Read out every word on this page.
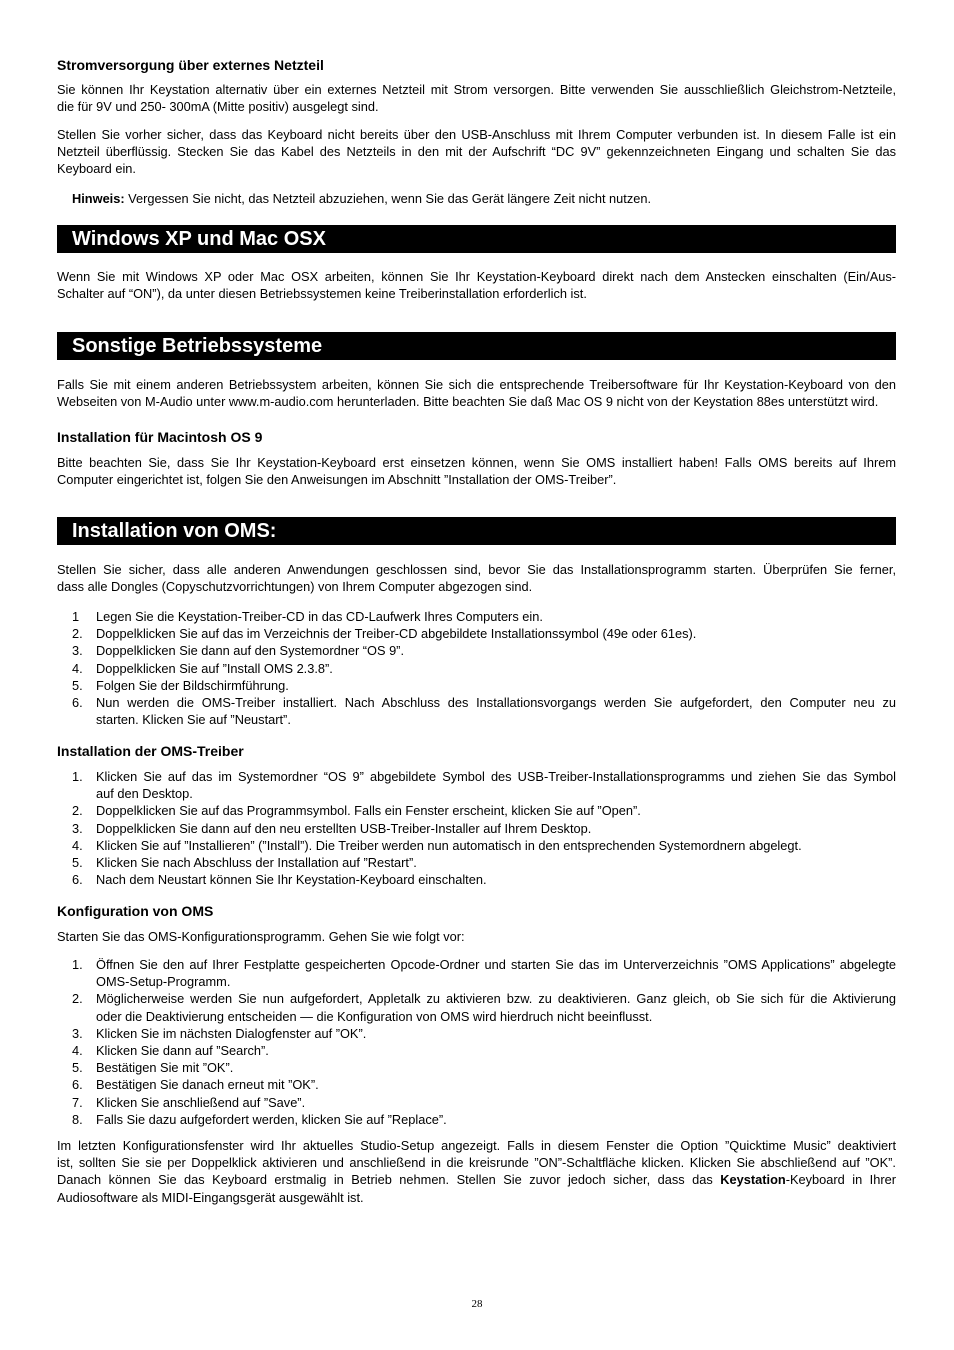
Stromversorgung über externes Netzteil
Sie können Ihr Keystation alternativ über ein externes Netzteil mit Strom versorgen. Bitte verwenden Sie ausschließlich Gleichstrom-Netzteile,
die für 9V und 250- 300mA (Mitte positiv) ausgelegt sind.
Stellen Sie vorher sicher, dass das Keyboard nicht bereits über den USB-Anschluss mit Ihrem Computer verbunden ist. In diesem Falle ist ein
Netzteil überflüssig. Stecken Sie das Kabel des Netzteils in den mit der Aufschrift “DC 9V” gekennzeichneten Eingang und schalten Sie das
Keyboard ein.
Hinweis: Vergessen Sie nicht, das Netzteil abzuziehen, wenn Sie das Gerät längere Zeit nicht nutzen.
Windows XP und Mac OSX
Wenn Sie mit Windows XP oder Mac OSX arbeiten, können Sie Ihr Keystation-Keyboard direkt nach dem Anstecken einschalten (Ein/Aus-
Schalter auf “ON”), da unter diesen Betriebssystemen keine Treiberinstallation erforderlich ist.
Sonstige Betriebssysteme
Falls Sie mit einem anderen Betriebssystem arbeiten, können Sie sich die entsprechende Treibersoftware für Ihr Keystation-Keyboard von den
Webseiten von M-Audio unter www.m-audio.com herunterladen. Bitte beachten Sie daß Mac OS 9 nicht von der Keystation 88es unterstützt wird.
Installation für Macintosh OS 9
Bitte beachten Sie, dass Sie Ihr Keystation-Keyboard erst einsetzen können, wenn Sie OMS installiert haben! Falls OMS bereits auf Ihrem
Computer eingerichtet ist, folgen Sie den Anweisungen im Abschnitt ”Installation der OMS-Treiber”.
Installation von OMS:
Stellen Sie sicher, dass alle anderen Anwendungen geschlossen sind, bevor Sie das Installationsprogramm starten. Überprüfen Sie ferner,
dass alle Dongles (Copyschutzvorrichtungen) von Ihrem Computer abgezogen sind.
1 Legen Sie die Keystation-Treiber-CD in das CD-Laufwerk Ihres Computers ein.
2. Doppelklicken Sie auf das im Verzeichnis der Treiber-CD abgebildete Installationssymbol (49e oder 61es).
3. Doppelklicken Sie dann auf den Systemordner “OS 9”.
4. Doppelklicken Sie auf ”Install OMS 2.3.8”.
5. Folgen Sie der Bildschirmführung.
6. Nun werden die OMS-Treiber installiert. Nach Abschluss des Installationsvorgangs werden Sie aufgefordert, den Computer neu zu
starten. Klicken Sie auf ”Neustart”.
Installation der OMS-Treiber
1. Klicken Sie auf das im Systemordner “OS 9” abgebildete Symbol des USB-Treiber-Installationsprogramms und ziehen Sie das Symbol
auf den Desktop.
2. Doppelklicken Sie auf das Programmsymbol. Falls ein Fenster erscheint, klicken Sie auf ”Open”.
3. Doppelklicken Sie dann auf den neu erstellten USB-Treiber-Installer auf Ihrem Desktop.
4. Klicken Sie auf ”Installieren” (”Install”). Die Treiber werden nun automatisch in den entsprechenden Systemordnern abgelegt.
5. Klicken Sie nach Abschluss der Installation auf ”Restart”.
6. Nach dem Neustart können Sie Ihr Keystation-Keyboard einschalten.
Konfiguration von OMS
Starten Sie das OMS-Konfigurationsprogramm. Gehen Sie wie folgt vor:
1. Öffnen Sie den auf Ihrer Festplatte gespeicherten Opcode-Ordner und starten Sie das im Unterverzeichnis ”OMS Applications” abgelegte
OMS-Setup-Programm.
2. Möglicherweise werden Sie nun aufgefordert, Appletalk zu aktivieren bzw. zu deaktivieren. Ganz gleich, ob Sie sich für die Aktivierung
oder die Deaktivierung entscheiden — die Konfiguration von OMS wird hierdruch nicht beeinflusst.
3. Klicken Sie im nächsten Dialogfenster auf ”OK”.
4. Klicken Sie dann auf ”Search”.
5. Bestätigen Sie mit ”OK”.
6. Bestätigen Sie danach erneut mit ”OK”.
7. Klicken Sie anschließend auf ”Save”.
8. Falls Sie dazu aufgefordert werden, klicken Sie auf ”Replace”.
Im letzten Konfigurationsfenster wird Ihr aktuelles Studio-Setup angezeigt. Falls in diesem Fenster die Option ”Quicktime Music” deaktiviert
ist, sollten Sie sie per Doppelklick aktivieren und anschließend in die kreisrunde ”ON”-Schaltfläche klicken. Klicken Sie abschließend auf ”OK”.
Danach können Sie das Keyboard erstmalig in Betrieb nehmen. Stellen Sie zuvor jedoch sicher, dass das Keystation-Keyboard in Ihrer
Audiosoftware als MIDI-Eingangsgerät ausgewählt ist.
28
